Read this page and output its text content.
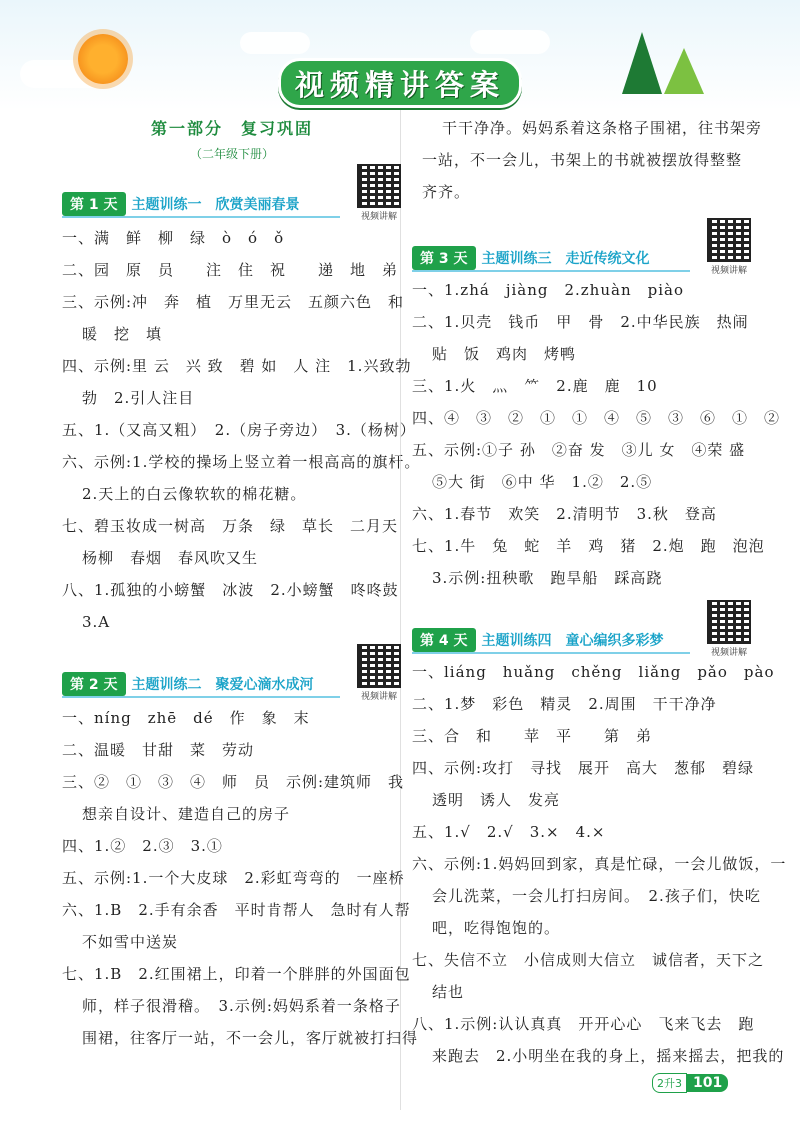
视频精讲答案
第一部分　复习巩固
（二年级下册）
第 1 天	主题训练一　欣赏美丽春景
视频讲解
一、满　鲜　柳　绿　ò　ó　ǒ
二、园　原　员　　注　住　祝　　递　地　弟
三、示例:冲　奔　植　万里无云　五颜六色　和
暖　挖　填
四、示例:里 云　兴 致　碧 如　人 注　1.兴致勃
勃　2.引人注目
五、1.（又高又粗）　2.（房子旁边）　3.（杨树）
六、示例:1.学校的操场上竖立着一根高高的旗杆。
2.天上的白云像软软的棉花糖。
七、碧玉妆成一树高　万条　绿　草长　二月天
杨柳　春烟　春风吹又生
八、1.孤独的小螃蟹　冰波　2.小螃蟹　咚咚鼓
3.A
第 2 天	主题训练二　聚爱心滴水成河
视频讲解
一、níng　zhē　dé　作　象　末
二、温暖　甘甜　菜　劳动
三、②　①　③　④　师　员　示例:建筑师　我
想亲自设计、建造自己的房子
四、1.②　2.③　3.①
五、示例:1.一个大皮球　2.彩虹弯弯的　一座桥
六、1.B　2.手有余香　平时肯帮人　急时有人帮
不如雪中送炭
七、1.B　2.红围裙上，印着一个胖胖的外国面包
师，样子很滑稽。　3.示例:妈妈系着一条格子
围裙，往客厅一站，不一会儿，客厅就被打扫得
干干净净。妈妈系着这条格子围裙，往书架旁
一站，不一会儿，书架上的书就被摆放得整整
齐齐。
第 3 天	主题训练三　走近传统文化
视频讲解
一、1.zhá　jiàng　2.zhuàn　piào
二、1.贝壳　钱币　甲　骨　2.中华民族　热闹
贴　饭　鸡肉　烤鸭
三、1.火　灬　⺮　2.鹿　鹿　10
四、④　③　②　①　①　④　⑤　③　⑥　①　②
五、示例:①子 孙　②奋 发　③儿 女　④荣 盛
⑤大 街　⑥中 华　1.②　2.⑤
六、1.春节　欢笑　2.清明节　3.秋　登高
七、1.牛　兔　蛇　羊　鸡　猪　2.炮　跑　泡泡
3.示例:扭秧歌　跑旱船　踩高跷
第 4 天	主题训练四　童心编织多彩梦
视频讲解
一、liáng　huǎng　chěng　liǎng　pǎo　pào
二、1.梦　彩色　精灵　2.周围　干干净净
三、合　和　　苹　平　　第　弟
四、示例:攻打　寻找　展开　高大　葱郁　碧绿
透明　诱人　发亮
五、1.√　2.√　3.×　4.×
六、示例:1.妈妈回到家，真是忙碌，一会儿做饭，一
会儿洗菜，一会儿打扫房间。　2.孩子们，快吃
吧，吃得饱饱的。
七、失信不立　小信成则大信立　诚信者，天下之
结也
八、1.示例:认认真真　开开心心　飞来飞去　跑
来跑去　2.小明坐在我的身上，摇来摇去，把我的
2升3 101
